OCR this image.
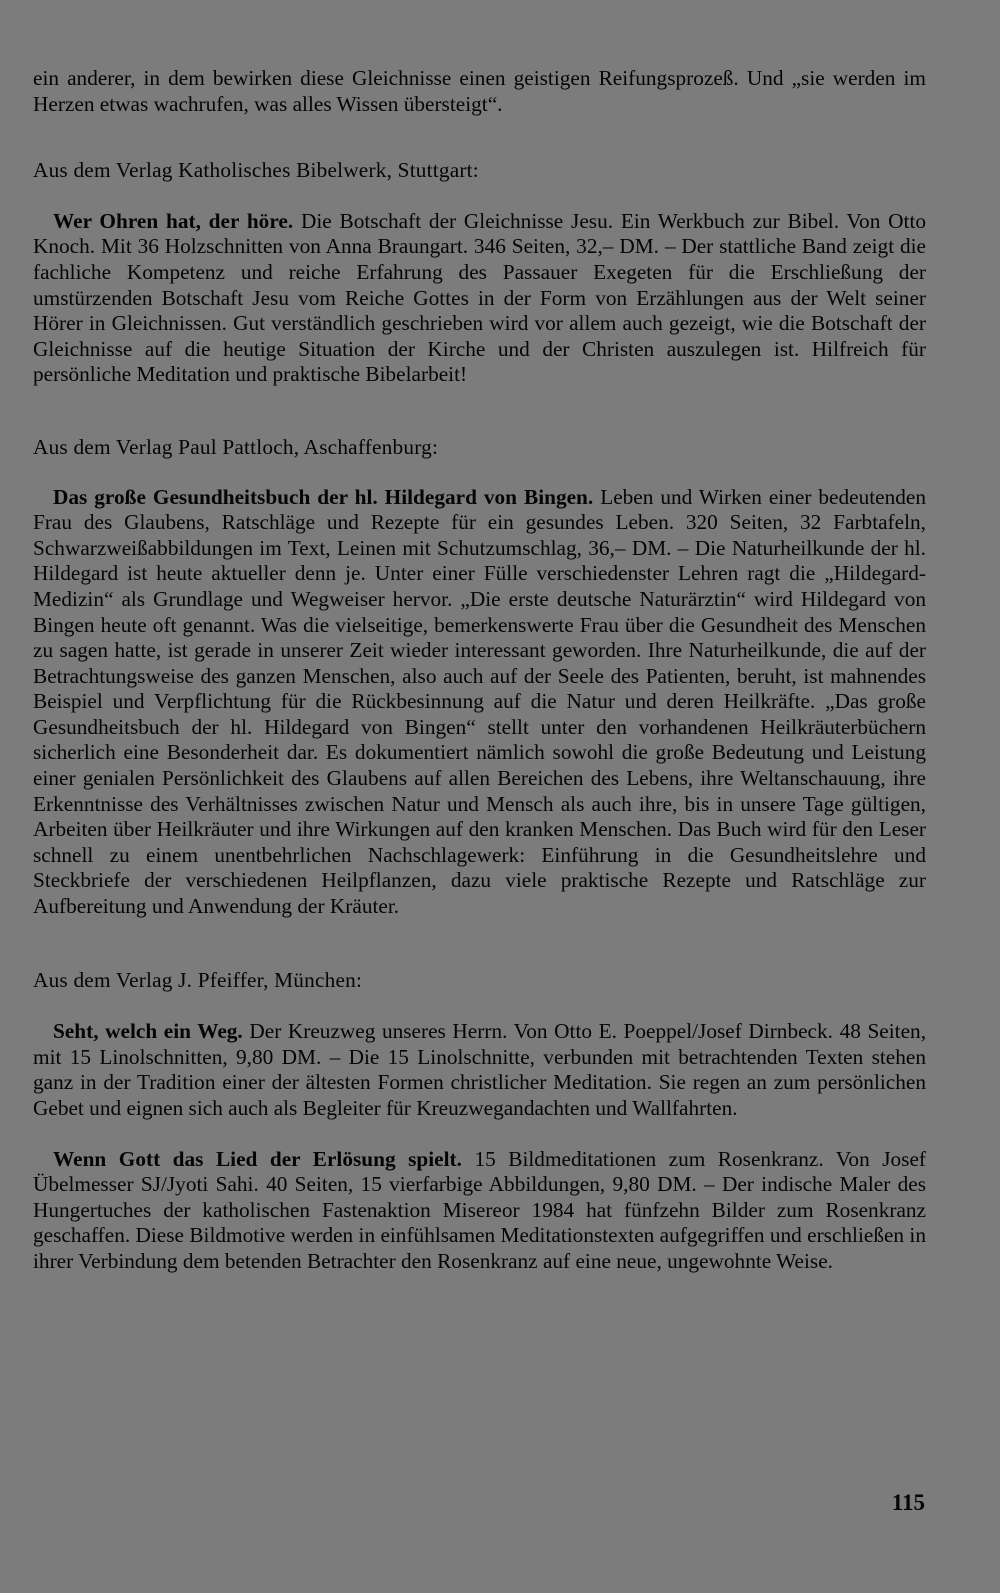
ein anderer, in dem bewirken diese Gleichnisse einen geistigen Reifungsprozeß. Und „sie werden im Herzen etwas wachrufen, was alles Wissen übersteigt“.

Aus dem Verlag Katholisches Bibelwerk, Stuttgart:

Wer Ohren hat, der höre. Die Botschaft der Gleichnisse Jesu. Ein Werkbuch zur Bibel. Von Otto Knoch. Mit 36 Holzschnitten von Anna Braungart. 346 Seiten, 32,– DM. – Der stattliche Band zeigt die fachliche Kompetenz und reiche Erfahrung des Passauer Exegeten für die Erschließung der umstürzenden Botschaft Jesu vom Reiche Gottes in der Form von Erzählungen aus der Welt seiner Hörer in Gleichnissen. Gut verständlich geschrieben wird vor allem auch gezeigt, wie die Botschaft der Gleichnisse auf die heutige Situation der Kirche und der Christen auszulegen ist. Hilfreich für persönliche Meditation und praktische Bibelarbeit!

Aus dem Verlag Paul Pattloch, Aschaffenburg:

Das große Gesundheitsbuch der hl. Hildegard von Bingen. Leben und Wirken einer bedeutenden Frau des Glaubens, Ratschläge und Rezepte für ein gesundes Leben. 320 Seiten, 32 Farbtafeln, Schwarzweißabbildungen im Text, Leinen mit Schutzumschlag, 36,– DM. – Die Naturheilkunde der hl. Hildegard ist heute aktueller denn je. Unter einer Fülle verschiedenster Lehren ragt die „Hildegard-Medizin“ als Grundlage und Wegweiser hervor. „Die erste deutsche Naturärztin“ wird Hildegard von Bingen heute oft genannt. Was die vielseitige, bemerkenswerte Frau über die Gesundheit des Menschen zu sagen hatte, ist gerade in unserer Zeit wieder interessant geworden. Ihre Naturheilkunde, die auf der Betrachtungsweise des ganzen Menschen, also auch auf der Seele des Patienten, beruht, ist mahnendes Beispiel und Verpflichtung für die Rückbesinnung auf die Natur und deren Heilkräfte. „Das große Gesundheitsbuch der hl. Hildegard von Bingen“ stellt unter den vorhandenen Heilkräuterbüchern sicherlich eine Besonderheit dar. Es dokumentiert nämlich sowohl die große Bedeutung und Leistung einer genialen Persönlichkeit des Glaubens auf allen Bereichen des Lebens, ihre Weltanschauung, ihre Erkenntnisse des Verhältnisses zwischen Natur und Mensch als auch ihre, bis in unsere Tage gültigen, Arbeiten über Heilkräuter und ihre Wirkungen auf den kranken Menschen. Das Buch wird für den Leser schnell zu einem unentbehrlichen Nachschlagewerk: Einführung in die Gesundheitslehre und Steckbriefe der verschiedenen Heilpflanzen, dazu viele praktische Rezepte und Ratschläge zur Aufbereitung und Anwendung der Kräuter.

Aus dem Verlag J. Pfeiffer, München:

Seht, welch ein Weg. Der Kreuzweg unseres Herrn. Von Otto E. Poeppel/Josef Dirnbeck. 48 Seiten, mit 15 Linolschnitten, 9,80 DM. – Die 15 Linolschnitte, verbunden mit betrachtenden Texten stehen ganz in der Tradition einer der ältesten Formen christlicher Meditation. Sie regen an zum persönlichen Gebet und eignen sich auch als Begleiter für Kreuzwegandachten und Wallfahrten.

Wenn Gott das Lied der Erlösung spielt. 15 Bildmeditationen zum Rosenkranz. Von Josef Übelmesser SJ/Jyoti Sahi. 40 Seiten, 15 vierfarbige Abbildungen, 9,80 DM. – Der indische Maler des Hungertuches der katholischen Fastenaktion Misereor 1984 hat fünfzehn Bilder zum Rosenkranz geschaffen. Diese Bildmotive werden in einfühlsamen Meditationstexten aufgegriffen und erschließen in ihrer Verbindung dem betenden Betrachter den Rosenkranz auf eine neue, ungewohnte Weise.

115
